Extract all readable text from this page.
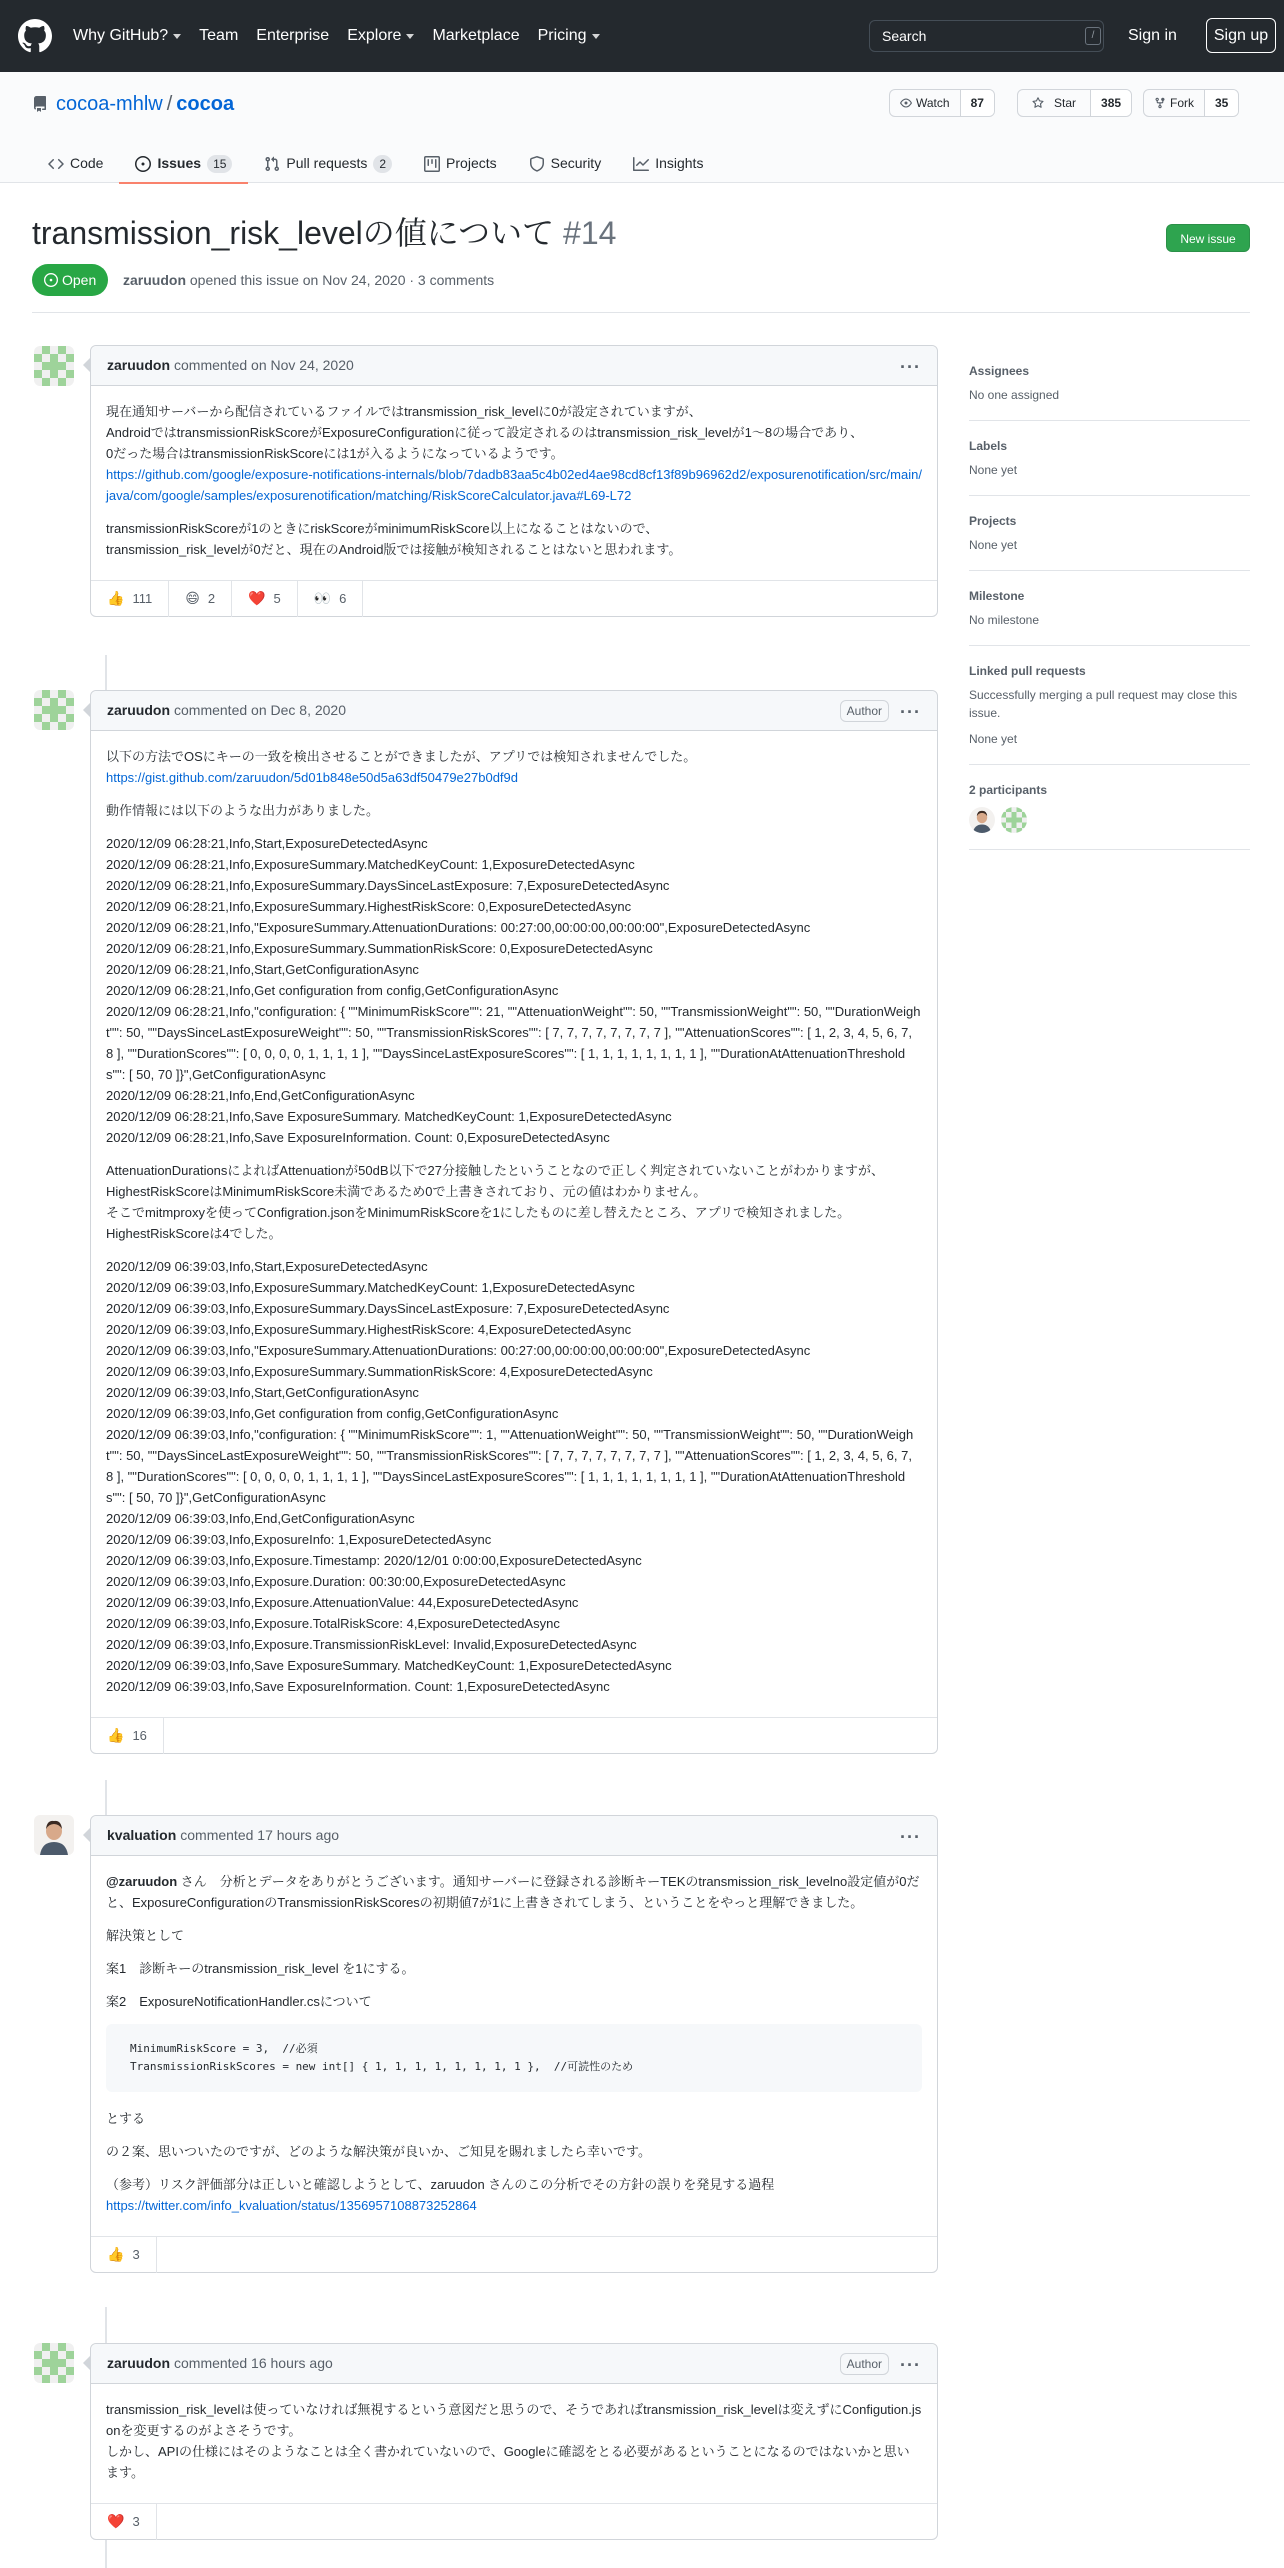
Why GitHub? Team Enterprise Explore Marketplace Pricing	Search	/	Sign in	Sign up
cocoa-mhlw / cocoa	Watch	87	Star	385	Fork	35
Code	Issues	15	Pull requests	2	Projects	Security	Insights
transmission_risk_levelの値について #14	New issue
Open zaruudon opened this issue on Nov 24, 2020 · 3 comments
zaruudon commented on Nov 24, 2020	···

現在通知サーバーから配信されているファイルではtransmission_risk_levelに0が設定されていますが、
AndroidではtransmissionRiskScoreがExposureConfigurationに従って設定されるのはtransmission_risk_levelが1～8の場合であり、
0だった場合はtransmissionRiskScoreには1が入るようになっているようです。

https://github.com/google/exposure-notifications-internals/blob/7dadb83aa5c4b02ed4ae98cd8cf13f89b96962d2/exposurenotification/src/main/java/com/google/samples/exposurenotification/matching/RiskScoreCalculator.java#L69-L72

transmissionRiskScoreが1のときにriskScoreがminimumRiskScore以上になることはないので、
transmission_risk_levelが0だと、現在のAndroid版では接触が検知されることはないと思われます。

👍 111 😄 2 ❤️ 5 👀 6
zaruudon commented on Dec 8, 2020	Author	···

以下の方法でOSにキーの一致を検出させることができましたが、アプリでは検知されませんでした。

https://gist.github.com/zaruudon/5d01b848e50d5a63df50479e27b0df9d

動作情報には以下のような出力がありました。

2020/12/09 06:28:21,Info,Start,ExposureDetectedAsync
2020/12/09 06:28:21,Info,ExposureSummary.MatchedKeyCount: 1,ExposureDetectedAsync
2020/12/09 06:28:21,Info,ExposureSummary.DaysSinceLastExposure: 7,ExposureDetectedAsync
2020/12/09 06:28:21,Info,ExposureSummary.HighestRiskScore: 0,ExposureDetectedAsync
2020/12/09 06:28:21,Info,"ExposureSummary.AttenuationDurations: 00:27:00,00:00:00,00:00:00",ExposureDetectedAsync
2020/12/09 06:28:21,Info,ExposureSummary.SummationRiskScore: 0,ExposureDetectedAsync
2020/12/09 06:28:21,Info,Start,GetConfigurationAsync
2020/12/09 06:28:21,Info,Get configuration from config,GetConfigurationAsync
2020/12/09 06:28:21,Info,"configuration: { ""MinimumRiskScore"": 21, ""AttenuationWeight"": 50, ""TransmissionWeight"": 50, ""DurationWeight"": 50, ""DaysSinceLastExposureWeight"": 50, ""TransmissionRiskScores"": [ 7, 7, 7, 7, 7, 7, 7, 7 ], ""AttenuationScores"": [ 1, 2, 3, 4, 5, 6, 7, 8 ], ""DurationScores"": [ 0, 0, 0, 0, 1, 1, 1, 1 ], ""DaysSinceLastExposureScores"": [ 1, 1, 1, 1, 1, 1, 1, 1 ], ""DurationAtAttenuationThresholds"": [ 50, 70 ]}",GetConfigurationAsync
2020/12/09 06:28:21,Info,End,GetConfigurationAsync
2020/12/09 06:28:21,Info,Save ExposureSummary. MatchedKeyCount: 1,ExposureDetectedAsync
2020/12/09 06:28:21,Info,Save ExposureInformation. Count: 0,ExposureDetectedAsync

AttenuationDurationsによればAttenuationが50dB以下で27分接触したということなので正しく判定されていないことがわかりますが、
HighestRiskScoreはMinimumRiskScore未満であるため0で上書きされており、元の値はわかりません。
そこでmitmproxyを使ってConfigration.jsonをMinimumRiskScoreを1にしたものに差し替えたところ、アプリで検知されました。
HighestRiskScoreは4でした。

2020/12/09 06:39:03,Info,Start,ExposureDetectedAsync
2020/12/09 06:39:03,Info,ExposureSummary.MatchedKeyCount: 1,ExposureDetectedAsync
2020/12/09 06:39:03,Info,ExposureSummary.DaysSinceLastExposure: 7,ExposureDetectedAsync
2020/12/09 06:39:03,Info,ExposureSummary.HighestRiskScore: 4,ExposureDetectedAsync
2020/12/09 06:39:03,Info,"ExposureSummary.AttenuationDurations: 00:27:00,00:00:00,00:00:00",ExposureDetectedAsync
2020/12/09 06:39:03,Info,ExposureSummary.SummationRiskScore: 4,ExposureDetectedAsync
2020/12/09 06:39:03,Info,Start,GetConfigurationAsync
2020/12/09 06:39:03,Info,Get configuration from config,GetConfigurationAsync
2020/12/09 06:39:03,Info,"configuration: { ""MinimumRiskScore"": 1, ""AttenuationWeight"": 50, ""TransmissionWeight"": 50, ""DurationWeight"": 50, ""DaysSinceLastExposureWeight"": 50, ""TransmissionRiskScores"": [ 7, 7, 7, 7, 7, 7, 7, 7 ], ""AttenuationScores"": [ 1, 2, 3, 4, 5, 6, 7, 8 ], ""DurationScores"": [ 0, 0, 0, 0, 1, 1, 1, 1 ], ""DaysSinceLastExposureScores"": [ 1, 1, 1, 1, 1, 1, 1, 1 ], ""DurationAtAttenuationThresholds"": [ 50, 70 ]}",GetConfigurationAsync
2020/12/09 06:39:03,Info,End,GetConfigurationAsync
2020/12/09 06:39:03,Info,ExposureInfo: 1,ExposureDetectedAsync
2020/12/09 06:39:03,Info,Exposure.Timestamp: 2020/12/01 0:00:00,ExposureDetectedAsync
2020/12/09 06:39:03,Info,Exposure.Duration: 00:30:00,ExposureDetectedAsync
2020/12/09 06:39:03,Info,Exposure.AttenuationValue: 44,ExposureDetectedAsync
2020/12/09 06:39:03,Info,Exposure.TotalRiskScore: 4,ExposureDetectedAsync
2020/12/09 06:39:03,Info,Exposure.TransmissionRiskLevel: Invalid,ExposureDetectedAsync
2020/12/09 06:39:03,Info,Save ExposureSummary. MatchedKeyCount: 1,ExposureDetectedAsync
2020/12/09 06:39:03,Info,Save ExposureInformation. Count: 1,ExposureDetectedAsync
👍 16
kvaluation commented 17 hours ago	···

@zaruudon さん　分析とデータをありがとうございます。通知サーバーに登録される診断キーTEKのtransmission_risk_levelno設定値が0だと、ExposureConfigurationのTransmissionRiskScoresの初期値7が1に上書きされてしまう、ということをやっと理解できました。

解決策として

案1　診断キーのtransmission_risk_level を1にする。

案2　ExposureNotificationHandler.csについて

MinimumRiskScore = 3,  //必須
TransmissionRiskScores = new int[] { 1, 1, 1, 1, 1, 1, 1, 1 },  //可読性のため

とする

の２案、思いついたのですが、どのような解決策が良いか、ご知見を賜れましたら幸いです。

（参考）リスク評価部分は正しいと確認しようとして、zaruudon さんのこの分析でその方針の誤りを発見する過程

https://twitter.com/info_kvaluation/status/1356957108873252864

👍 3
zaruudon commented 16 hours ago	Author	···

transmission_risk_levelは使っていなければ無視するという意図だと思うので、そうであればtransmission_risk_levelは変えずにConfigution.jsonを変更するのがよさそうです。
しかし、APIの仕様にはそのようなことは全く書かれていないので、Googleに確認をとる必要があるということになるのではないかと思います。

❤️ 3
Assignees
No one assigned
Labels
None yet
Projects
None yet
Milestone
No milestone
Linked pull requests
Successfully merging a pull request may close this issue.
None yet
2 participants
